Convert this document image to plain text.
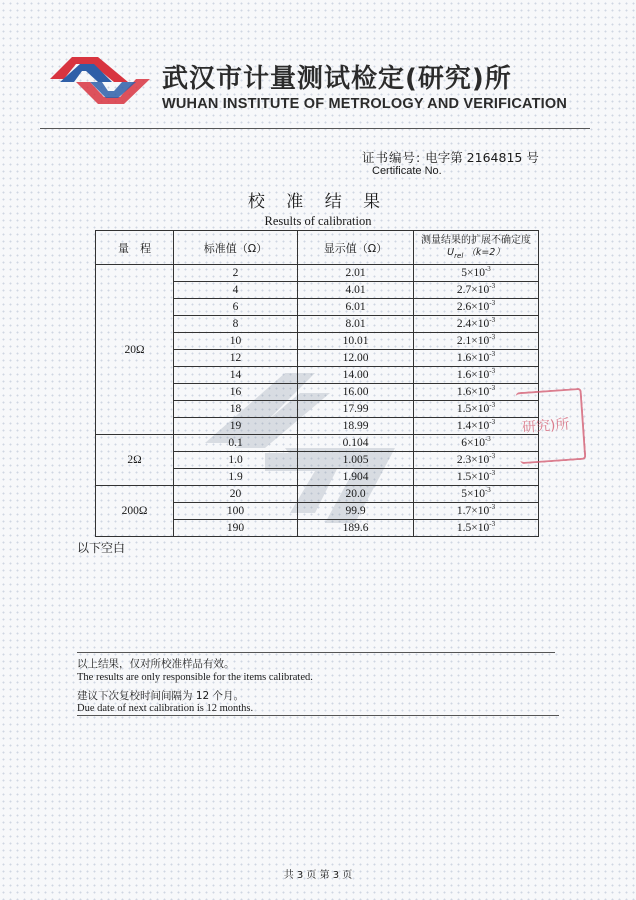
武汉市计量测试检定(研究)所
WUHAN INSTITUTE OF METROLOGY AND VERIFICATION
证书编号: 电字第 2164815 号
Certificate No.
校 准 结 果
Results of calibration
量　程	标准值（Ω）	显示值（Ω）	测量结果的扩展不确定度
$U_{rel}$ （k=2）

20Ω	2	2.01	$5\times 10^{-3}$
	4	4.01	$2.7\times 10^{-3}$
	6	6.01	$2.6\times 10^{-3}$
	8	8.01	$2.4\times 10^{-3}$
	10	10.01	$2.1\times 10^{-3}$
	12	12.00	$1.6\times 10^{-3}$
	14	14.00	$1.6\times 10^{-3}$
	16	16.00	$1.6\times 10^{-3}$
	18	17.99	$1.5\times 10^{-3}$
	19	18.99	$1.4\times 10^{-3}$
2Ω	0.1	0.104	$6\times 10^{-3}$
	1.0	1.005	$2.3\times 10^{-3}$
	1.9	1.904	$1.5\times 10^{-3}$
200Ω	20	20.0	$5\times 10^{-3}$
	100	99.9	$1.7\times 10^{-3}$
	190	189.6	$1.5\times 10^{-3}$
研究)所
以下空白
以上结果，仅对所校准样品有效。
The results are only responsible for the items calibrated.
建议下次复校时间间隔为 12 个月。
Due date of next calibration is 12 months.
共 3 页 第 3 页
